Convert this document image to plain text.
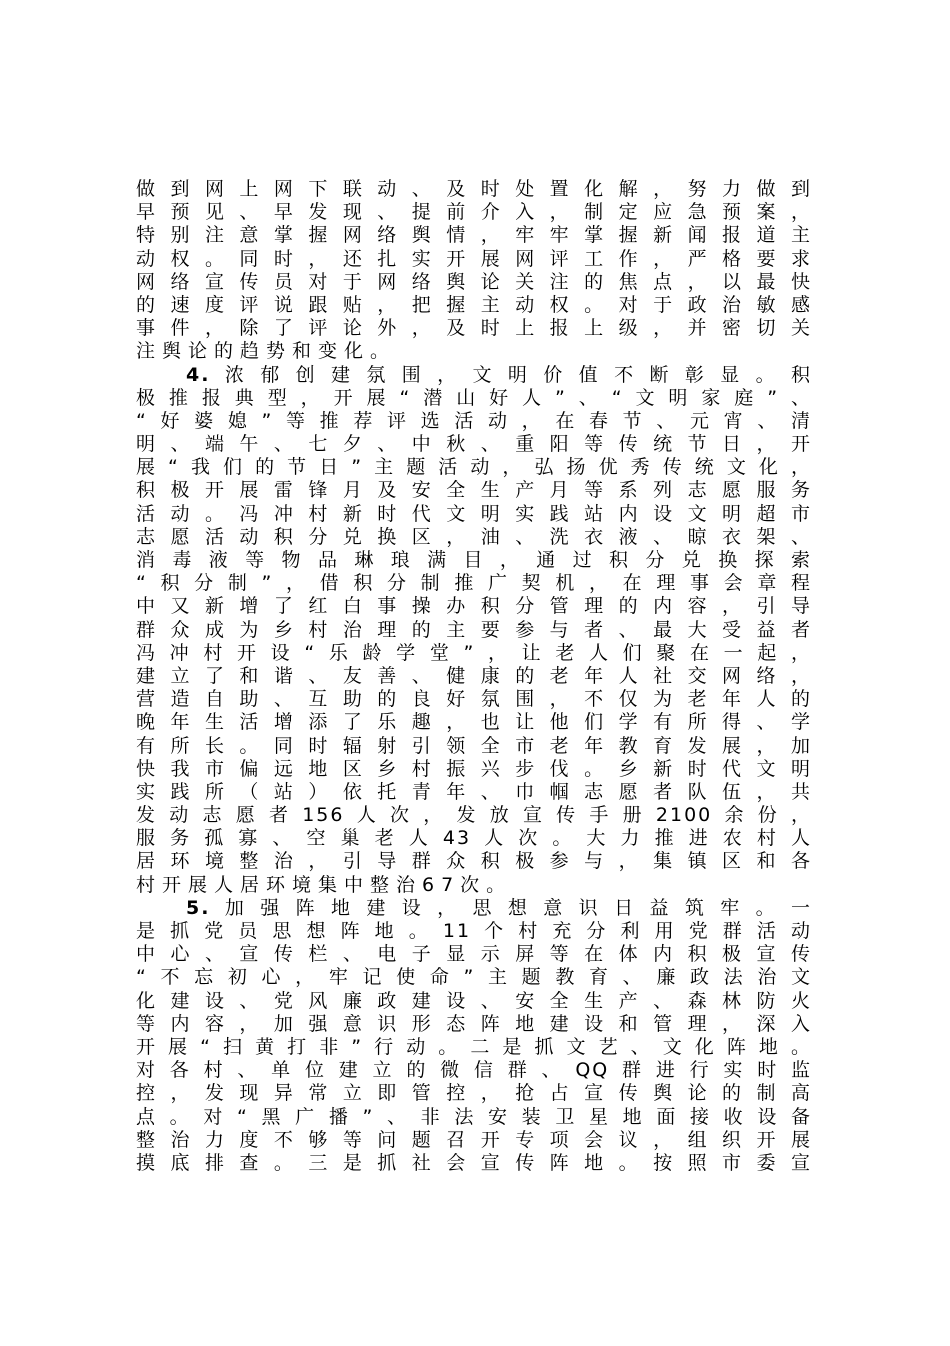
做到网上网下联动、及时处置化解，努力做到
早预见、早发现、提前介入，制定应急预案，
特别注意掌握网络舆情，牢牢掌握新闻报道主
动权。同时，还扎实开展网评工作，严格要求
网络宣传员对于网络舆论关注的焦点，以最快
的速度评说跟贴，把握主动权。对于政治敏感
事件，除了评论外，及时上报上级，并密切关
注舆论的趋势和变化。
4.浓郁创建氛围，文明价值不断彰显。积
极推报典型，开展“潜山好人”、“文明家庭”、
“好婆媳”等推荐评选活动，在春节、元宵、清
明、端午、七夕、中秋、重阳等传统节日，开
展“我们的节日”主题活动，弘扬优秀传统文化，
积极开展雷锋月及安全生产月等系列志愿服务
活动。冯冲村新时代文明实践站内设文明超市
志愿活动积分兑换区，油、洗衣液、晾衣架、
消毒液等物品琳琅满目，通过积分兑换探索
“积分制”，借积分制推广契机，在理事会章程
中又新增了红白事操办积分管理的内容，引导
群众成为乡村治理的主要参与者、最大受益者
冯冲村开设“乐龄学堂”，让老人们聚在一起，
建立了和谐、友善、健康的老年人社交网络，
营造自助、互助的良好氛围，不仅为老年人的
晚年生活增添了乐趣，也让他们学有所得、学
有所长。同时辐射引领全市老年教育发展，加
快我市偏远地区乡村振兴步伐。乡新时代文明
实践所（站）依托青年、巾帼志愿者队伍，共
发动志愿者156人次，发放宣传手册2100余份，
服务孤寡、空巢老人43人次。大力推进农村人
居环境整治，引导群众积极参与，集镇区和各
村开展人居环境集中整治67次。
5.加强阵地建设，思想意识日益筑牢。一
是抓党员思想阵地。11个村充分利用党群活动
中心、宣传栏、电子显示屏等在体内积极宣传
“不忘初心，牢记使命”主题教育、廉政法治文
化建设、党风廉政建设、安全生产、森林防火
等内容，加强意识形态阵地建设和管理，深入
开展“扫黄打非”行动。二是抓文艺、文化阵地。
对各村、单位建立的微信群、QQ群进行实时监
控，发现异常立即管控，抢占宣传舆论的制高
点。对“黑广播”、非法安装卫星地面接收设备
整治力度不够等问题召开专项会议，组织开展
摸底排查。三是抓社会宣传阵地。按照市委宣
